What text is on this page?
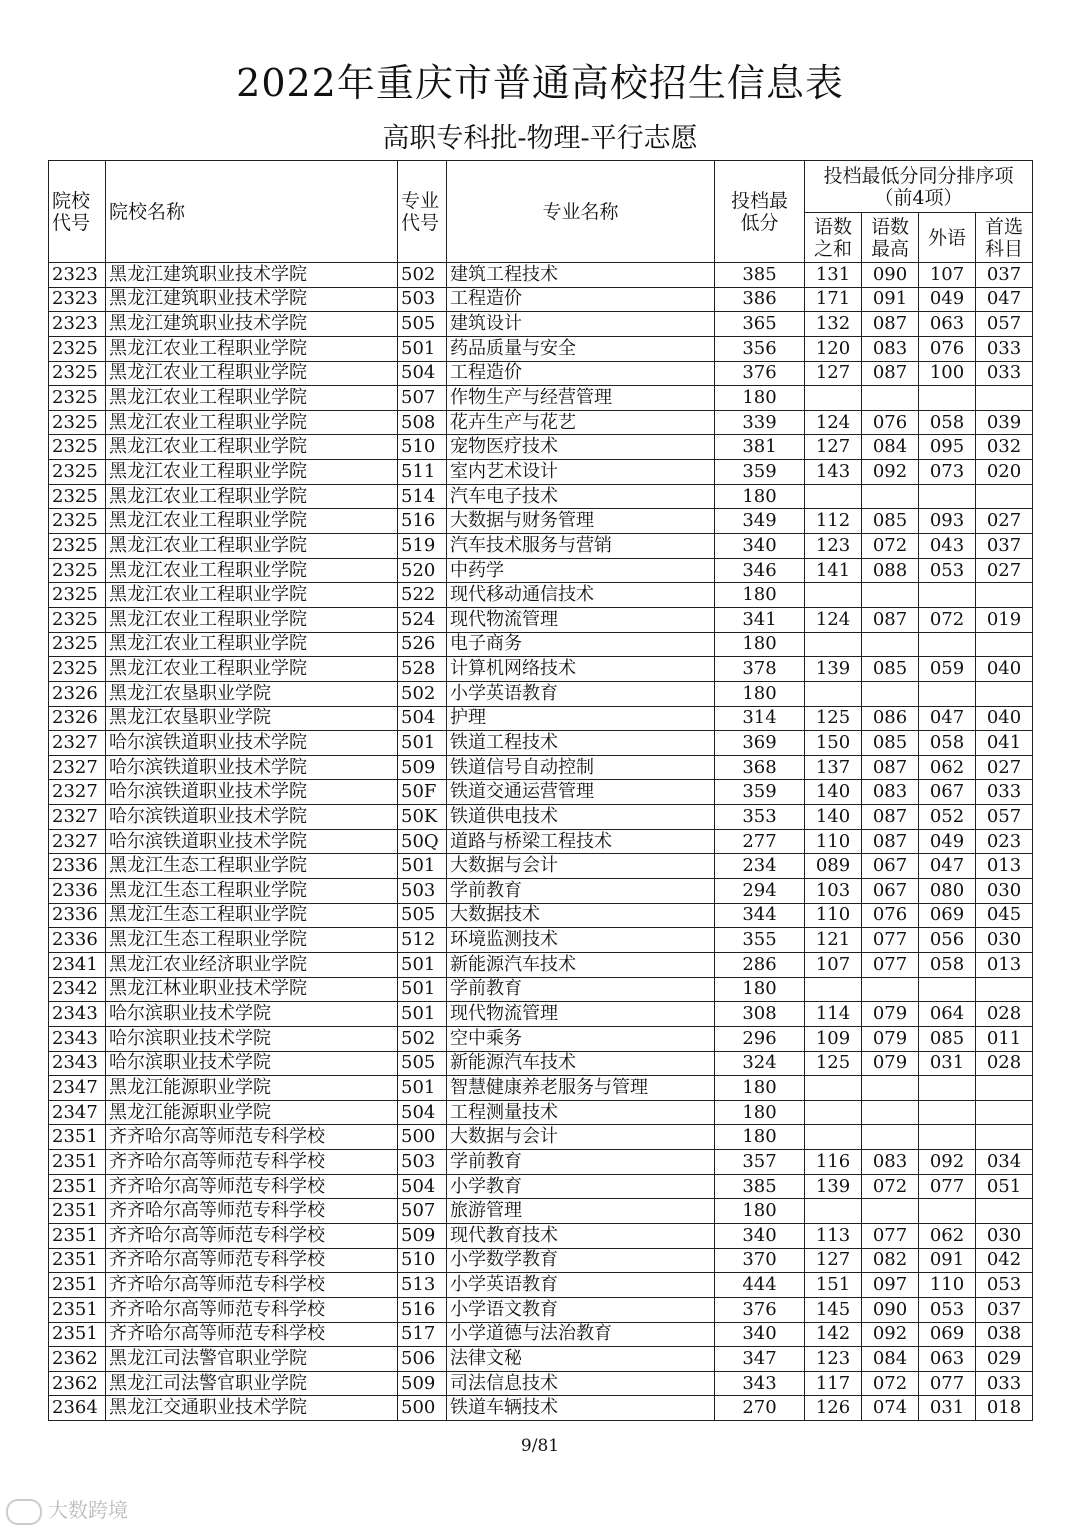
2022年重庆市普通高校招生信息表
高职专科批-物理-平行志愿
院校代号	院校名称	专业代号	专业名称	投档最低分	投档最低分同分排序项（前4项）			
					语数之和	语数最高	外语	首选科目
2323	黑龙江建筑职业技术学院	502	建筑工程技术	385	131	090	107	037
2323	黑龙江建筑职业技术学院	503	工程造价	386	171	091	049	047
2323	黑龙江建筑职业技术学院	505	建筑设计	365	132	087	063	057
2325	黑龙江农业工程职业学院	501	药品质量与安全	356	120	083	076	033
2325	黑龙江农业工程职业学院	504	工程造价	376	127	087	100	033
2325	黑龙江农业工程职业学院	507	作物生产与经营管理	180				
2325	黑龙江农业工程职业学院	508	花卉生产与花艺	339	124	076	058	039
2325	黑龙江农业工程职业学院	510	宠物医疗技术	381	127	084	095	032
2325	黑龙江农业工程职业学院	511	室内艺术设计	359	143	092	073	020
2325	黑龙江农业工程职业学院	514	汽车电子技术	180				
2325	黑龙江农业工程职业学院	516	大数据与财务管理	349	112	085	093	027
2325	黑龙江农业工程职业学院	519	汽车技术服务与营销	340	123	072	043	037
2325	黑龙江农业工程职业学院	520	中药学	346	141	088	053	027
2325	黑龙江农业工程职业学院	522	现代移动通信技术	180				
2325	黑龙江农业工程职业学院	524	现代物流管理	341	124	087	072	019
2325	黑龙江农业工程职业学院	526	电子商务	180				
2325	黑龙江农业工程职业学院	528	计算机网络技术	378	139	085	059	040
2326	黑龙江农垦职业学院	502	小学英语教育	180				
2326	黑龙江农垦职业学院	504	护理	314	125	086	047	040
2327	哈尔滨铁道职业技术学院	501	铁道工程技术	369	150	085	058	041
2327	哈尔滨铁道职业技术学院	509	铁道信号自动控制	368	137	087	062	027
2327	哈尔滨铁道职业技术学院	50F	铁道交通运营管理	359	140	083	067	033
2327	哈尔滨铁道职业技术学院	50K	铁道供电技术	353	140	087	052	057
2327	哈尔滨铁道职业技术学院	50Q	道路与桥梁工程技术	277	110	087	049	023
2336	黑龙江生态工程职业学院	501	大数据与会计	234	089	067	047	013
2336	黑龙江生态工程职业学院	503	学前教育	294	103	067	080	030
2336	黑龙江生态工程职业学院	505	大数据技术	344	110	076	069	045
2336	黑龙江生态工程职业学院	512	环境监测技术	355	121	077	056	030
2341	黑龙江农业经济职业学院	501	新能源汽车技术	286	107	077	058	013
2342	黑龙江林业职业技术学院	501	学前教育	180				
2343	哈尔滨职业技术学院	501	现代物流管理	308	114	079	064	028
2343	哈尔滨职业技术学院	502	空中乘务	296	109	079	085	011
2343	哈尔滨职业技术学院	505	新能源汽车技术	324	125	079	031	028
2347	黑龙江能源职业学院	501	智慧健康养老服务与管理	180				
2347	黑龙江能源职业学院	504	工程测量技术	180				
2351	齐齐哈尔高等师范专科学校	500	大数据与会计	180				
2351	齐齐哈尔高等师范专科学校	503	学前教育	357	116	083	092	034
2351	齐齐哈尔高等师范专科学校	504	小学教育	385	139	072	077	051
2351	齐齐哈尔高等师范专科学校	507	旅游管理	180				
2351	齐齐哈尔高等师范专科学校	509	现代教育技术	340	113	077	062	030
2351	齐齐哈尔高等师范专科学校	510	小学数学教育	370	127	082	091	042
2351	齐齐哈尔高等师范专科学校	513	小学英语教育	444	151	097	110	053
2351	齐齐哈尔高等师范专科学校	516	小学语文教育	376	145	090	053	037
2351	齐齐哈尔高等师范专科学校	517	小学道德与法治教育	340	142	092	069	038
2362	黑龙江司法警官职业学院	506	法律文秘	347	123	084	063	029
2362	黑龙江司法警官职业学院	509	司法信息技术	343	117	072	077	033
2364	黑龙江交通职业技术学院	500	铁道车辆技术	270	126	074	031	018
9/81
大数跨境
